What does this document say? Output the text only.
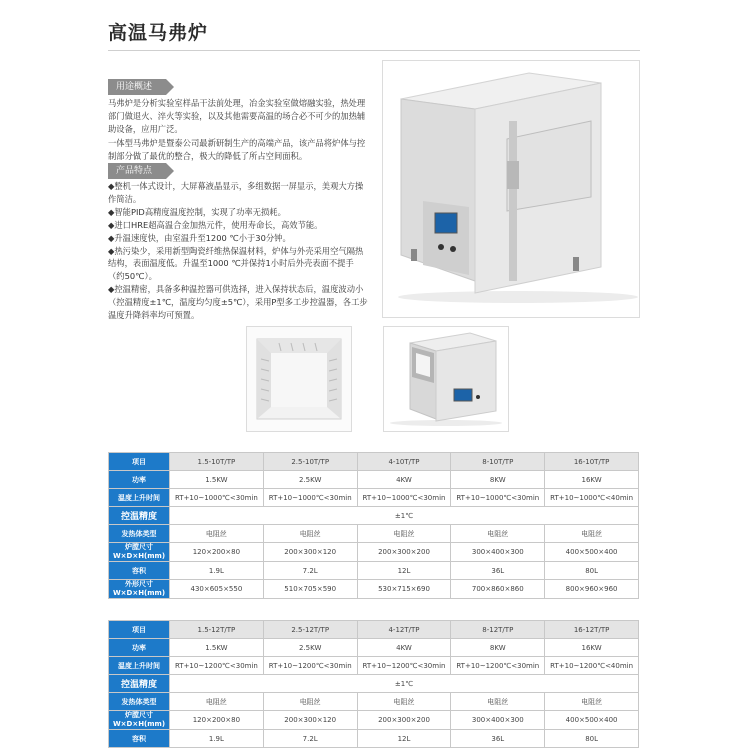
高温马弗炉
用途概述
马弗炉是分析实验室样品干法前处理，冶金实验室做熔融实验，热处理部门做退火、淬火等实验，以及其他需要高温的场合必不可少的加热辅助设备，应用广泛。
一体型马弗炉是暨泰公司最新研制生产的高端产品，该产品将炉体与控制部分做了最优的整合，极大的降低了所占空间面积。
产品特点

◆整机一体式设计，大屏幕液晶显示，多组数据一屏显示，美观大方操作简洁。

◆智能PID高精度温度控制，实现了功率无损耗。

◆进口HRE超高温合金加热元件，使用寿命长，高效节能。

◆升温速度快，由室温升至1200 ℃小于30分钟。

◆热污染少，采用新型陶瓷纤维热保温材料，炉体与外壳采用空气隔热结构，表面温度低。升温至1000 ℃并保持1小时后外壳表面不提手（约50℃）。

◆控温精密，具备多种温控器可供选择，进入保持状态后，温度波动小（控温精度±1℃，温度均匀度±5℃），采用P型多工步控温器，各工步温度升降斜率均可预置。

项目	1.5-10T/TP	2.5-10T/TP	4-10T/TP	8-10T/TP	16-10T/TP
功率	1.5KW	2.5KW	4KW	8KW	16KW
温度上升时间	RT+10~1000℃<30min	RT+10~1000℃<30min	RT+10~1000℃<30min	RT+10~1000℃<30min	RT+10~1000℃<40min
控温精度	±1℃				
发热体类型	电阻丝	电阻丝	电阻丝	电阻丝	电阻丝
炉膛尺寸
W×D×H(mm)	120×200×80	200×300×120	200×300×200	300×400×300	400×500×400
容积	1.9L	7.2L	12L	36L	80L
外形尺寸
W×D×H(mm)	430×605×550	510×705×590	530×715×690	700×860×860	800×960×960
项目	1.5-12T/TP	2.5-12T/TP	4-12T/TP	8-12T/TP	16-12T/TP
功率	1.5KW	2.5KW	4KW	8KW	16KW
温度上升时间	RT+10~1200℃<30min	RT+10~1200℃<30min	RT+10~1200℃<30min	RT+10~1200℃<30min	RT+10~1200℃<40min
控温精度	±1℃				
发热体类型	电阻丝	电阻丝	电阻丝	电阻丝	电阻丝
炉膛尺寸
W×D×H(mm)	120×200×80	200×300×120	200×300×200	300×400×300	400×500×400
容积	1.9L	7.2L	12L	36L	80L
